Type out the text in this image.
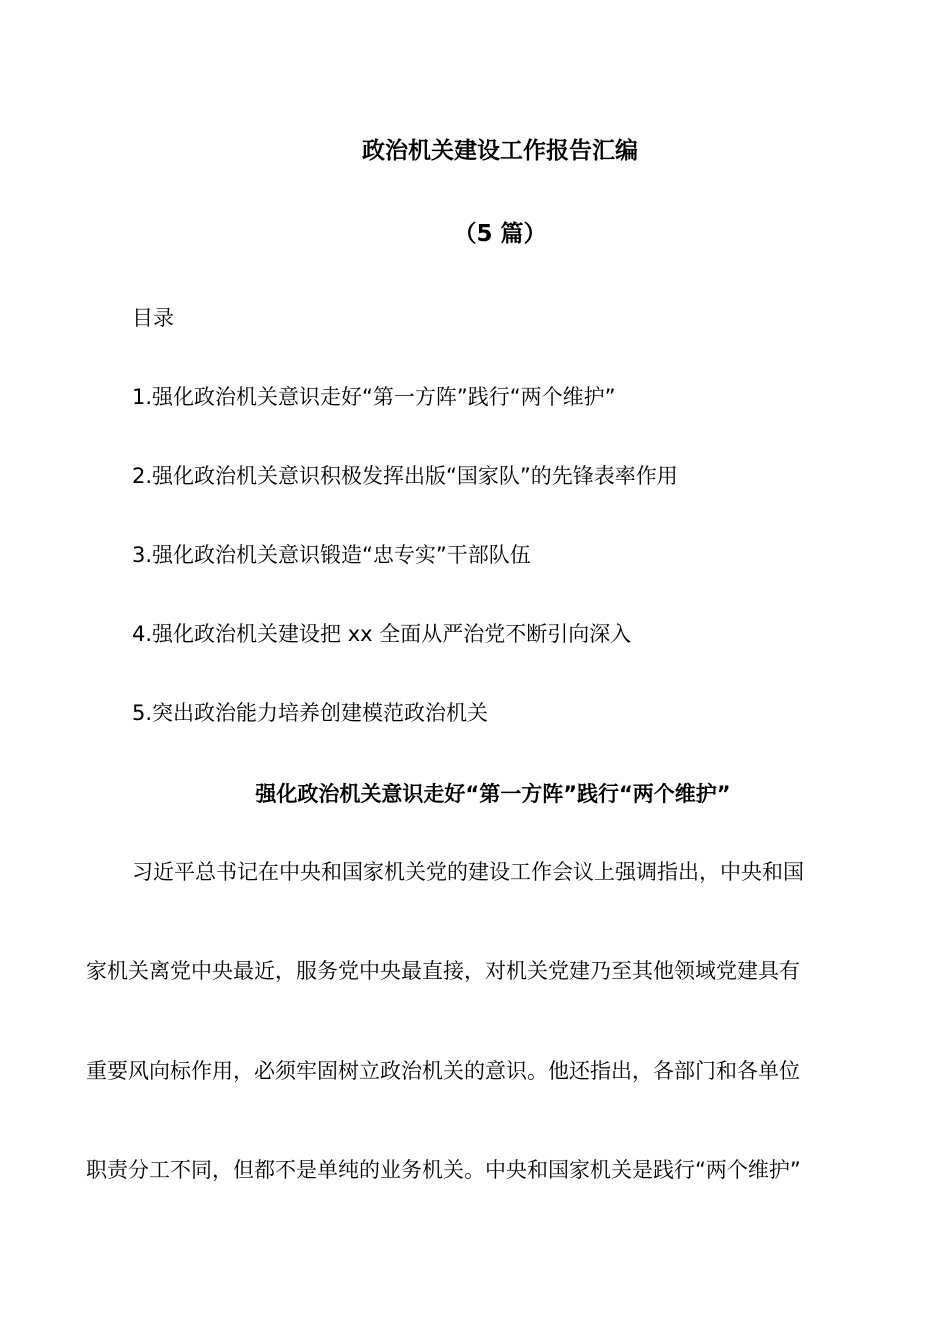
政治机关建设工作报告汇编
（5 篇）
目录
1.强化政治机关意识走好“第一方阵”践行“两个维护”
2.强化政治机关意识积极发挥出版“国家队”的先锋表率作用
3.强化政治机关意识锻造“忠专实”干部队伍
4.强化政治机关建设把 xx 全面从严治党不断引向深入
5.突出政治能力培养创建模范政治机关
强化政治机关意识走好“第一方阵”践行“两个维护”
习近平总书记在中央和国家机关党的建设工作会议上强调指出，中央和国
家机关离党中央最近，服务党中央最直接，对机关党建乃至其他领域党建具有
重要风向标作用，必须牢固树立政治机关的意识。他还指出，各部门和各单位
职责分工不同，但都不是单纯的业务机关。中央和国家机关是践行“两个维护”
